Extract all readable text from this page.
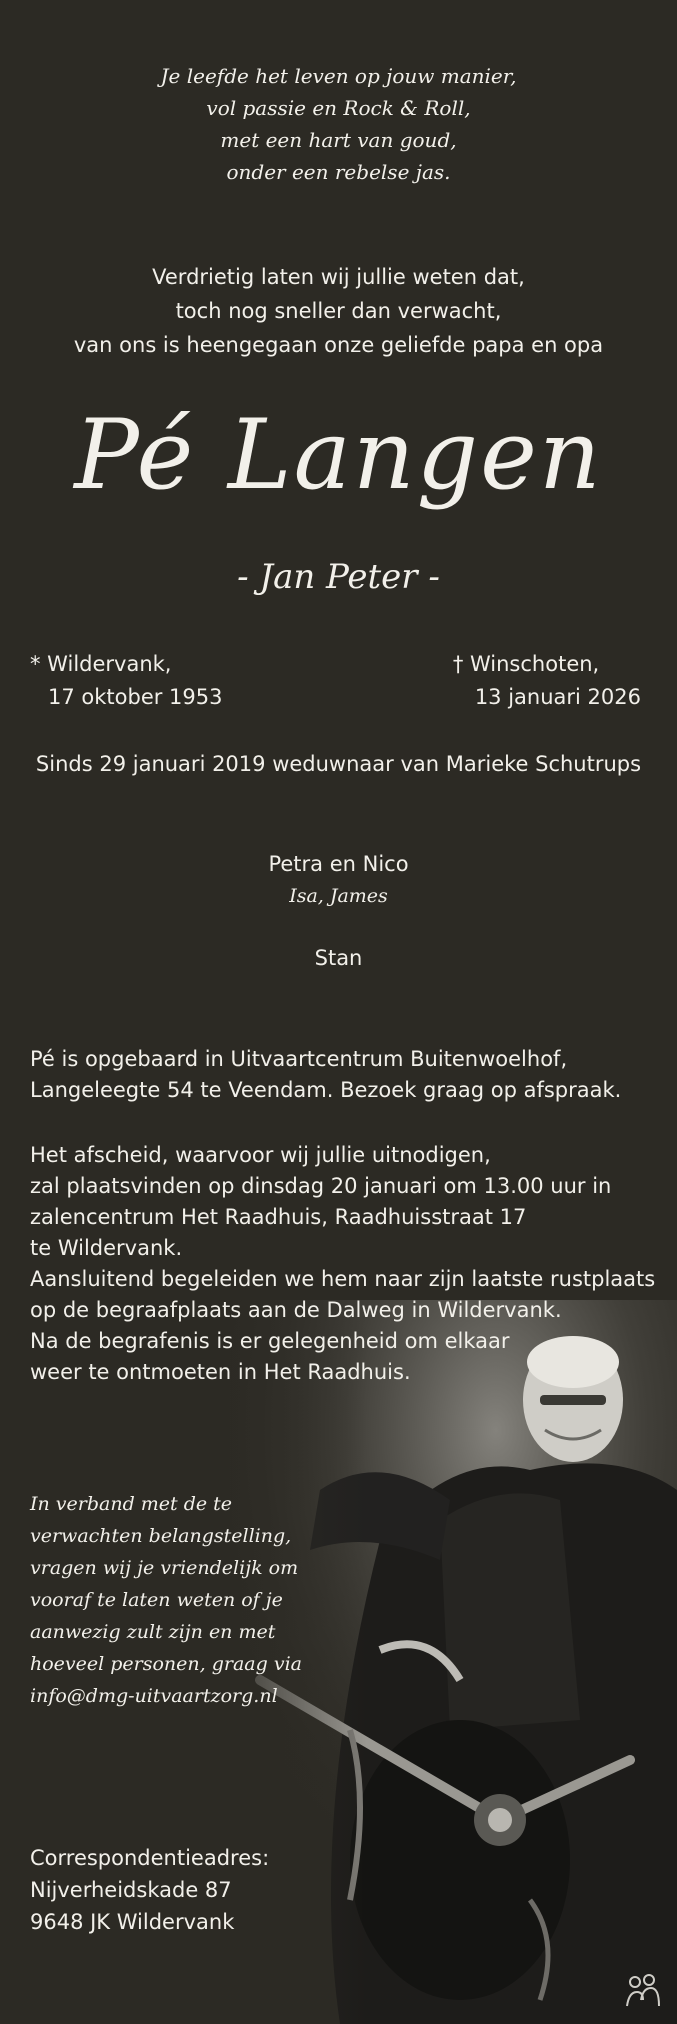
Je leefde het leven op jouw manier,
vol passie en Rock & Roll,
met een hart van goud,
onder een rebelse jas.
Verdrietig laten wij jullie weten dat,
toch nog sneller dan verwacht,
van ons is heengegaan onze geliefde papa en opa
Pé Langen
- Jan Peter -
* Wildervank,
17 oktober 1953
† Winschoten,
13 januari 2026
Sinds 29 januari 2019 weduwnaar van Marieke Schutrups
Petra en Nico
Isa, James
Stan
Pé is opgebaard in Uitvaartcentrum Buitenwoelhof,
Langeleegte 54 te Veendam. Bezoek graag op afspraak.
Het afscheid, waarvoor wij jullie uitnodigen,
zal plaatsvinden op dinsdag 20 januari om 13.00 uur in
zalencentrum Het Raadhuis, Raadhuisstraat 17
te Wildervank.
Aansluitend begeleiden we hem naar zijn laatste rustplaats
op de begraafplaats aan de Dalweg in Wildervank.
Na de begrafenis is er gelegenheid om elkaar
weer te ontmoeten in Het Raadhuis.
In verband met de te
verwachten belangstelling,
vragen wij je vriendelijk om
vooraf te laten weten of je
aanwezig zult zijn en met
hoeveel personen, graag via
info@dmg-uitvaartzorg.nl
Correspondentieadres:
Nijverheidskade 87
9648 JK Wildervank
